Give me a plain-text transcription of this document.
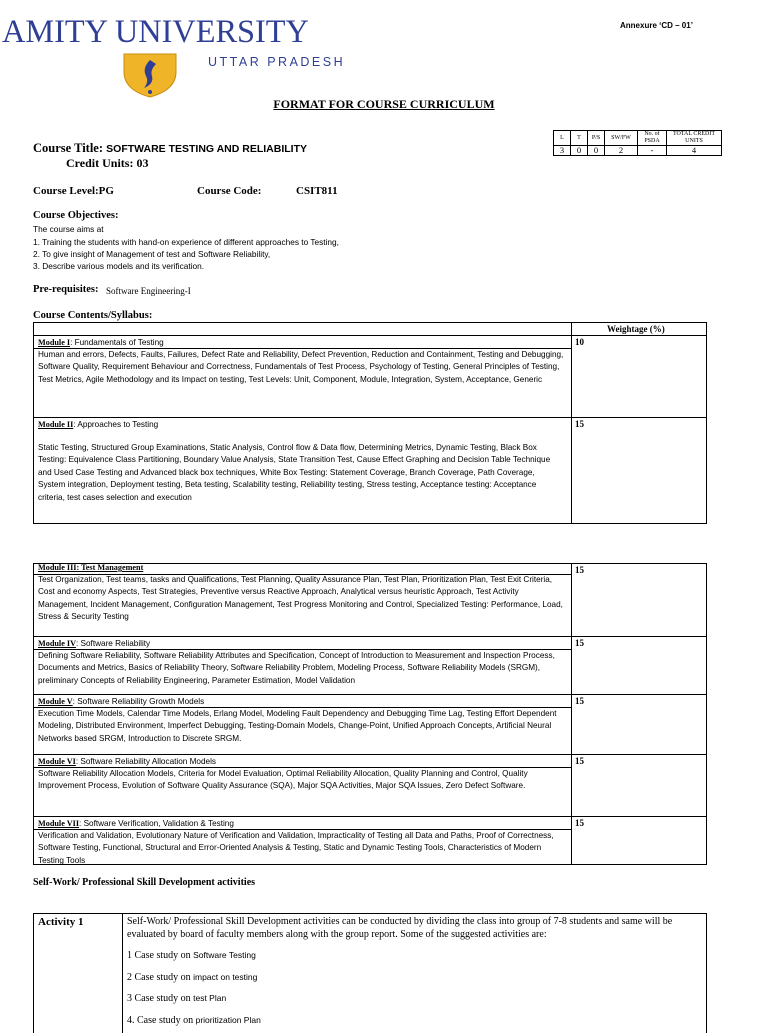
AMITY UNIVERSITY
UTTAR PRADESH
Annexure ‘CD – 01’
FORMAT FOR COURSE CURRICULUM
Course Title: SOFTWARE TESTING AND RELIABILITY
Credit Units: 03
L	T	P/S	SW/FW	No. of PSDA	TOTAL CREDIT UNITS
3	0	0	2	-	4
Course Level:PG	Course Code:	CSIT811
Course Objectives:
The course aims at
1. Training the students with hand-on experience of different approaches to Testing,
2. To give insight of Management of test and Software Reliability,
3. Describe various models and its verification.
Pre-requisites: Software Engineering-I
Course Contents/Syllabus:
Weightage (%)
Module I: Fundamentals of Testing	10
Human and errors, Defects, Faults, Failures, Defect Rate and Reliability, Defect Prevention, Reduction and Containment, Testing and Debugging, Software Quality, Requirement Behaviour and Correctness, Fundamentals of Test Process, Psychology of Testing, General Principles of Testing, Test Metrics, Agile Methodology and its Impact on testing, Test Levels: Unit, Component, Module, Integration, System, Acceptance, Generic
Module II: Approaches to Testing	15
Static Testing, Structured Group Examinations, Static Analysis, Control flow & Data flow, Determining Metrics, Dynamic Testing, Black Box Testing: Equivalence Class Partitioning, Boundary Value Analysis, State Transition Test, Cause Effect Graphing and Decision Table Technique and Used Case Testing and Advanced black box techniques, White Box Testing: Statement Coverage, Branch Coverage, Path Coverage, System integration, Deployment testing, Beta testing, Scalability testing, Reliability testing, Stress testing, Acceptance testing: Acceptance criteria, test cases selection and execution
Module III: Test Management	15
Test Organization, Test teams, tasks and Qualifications, Test Planning, Quality Assurance Plan, Test Plan, Prioritization Plan, Test Exit Criteria, Cost and economy Aspects, Test Strategies, Preventive versus Reactive Approach, Analytical versus heuristic Approach, Test Activity Management, Incident Management, Configuration Management, Test Progress Monitoring and Control, Specialized Testing: Performance, Load, Stress & Security Testing
Module IV: Software Reliability	15
Defining Software Reliability, Software Reliability Attributes and Specification, Concept of Introduction to Measurement and Inspection Process, Documents and Metrics, Basics of Reliability Theory, Software Reliability Problem, Modeling Process, Software Reliability Models (SRGM), preliminary Concepts of Reliability Engineering, Parameter Estimation, Model Validation
Module V: Software Reliability Growth Models	15
Execution Time Models, Calendar Time Models, Erlang Model, Modeling Fault Dependency and Debugging Time Lag, Testing Effort Dependent Modeling, Distributed Environment, Imperfect Debugging, Testing-Domain Models, Change-Point, Unified Approach Concepts, Artificial Neural Networks based SRGM, Introduction to Discrete SRGM.
Module VI: Software Reliability Allocation Models	15
Software Reliability Allocation Models, Criteria for Model Evaluation, Optimal Reliability Allocation, Quality Planning and Control, Quality Improvement Process, Evolution of Software Quality Assurance (SQA), Major SQA Activities, Major SQA Issues, Zero Defect Software.
Module VII: Software Verification, Validation & Testing	15
Verification and Validation, Evolutionary Nature of Verification and Validation, Impracticality of Testing all Data and Paths, Proof of Correctness, Software Testing, Functional, Structural and Error-Oriented Analysis & Testing, Static and Dynamic Testing Tools, Characteristics of Modern Testing Tools
Self-Work/ Professional Skill Development activities
Activity 1	Self-Work/ Professional Skill Development activities can be conducted by dividing the class into group of 7-8 students and same will be evaluated by board of faculty members along with the group report. Some of the suggested activities are:
1 Case study on Software Testing
2 Case study on impact on testing
3 Case study on test Plan
4. Case study on prioritization Plan
